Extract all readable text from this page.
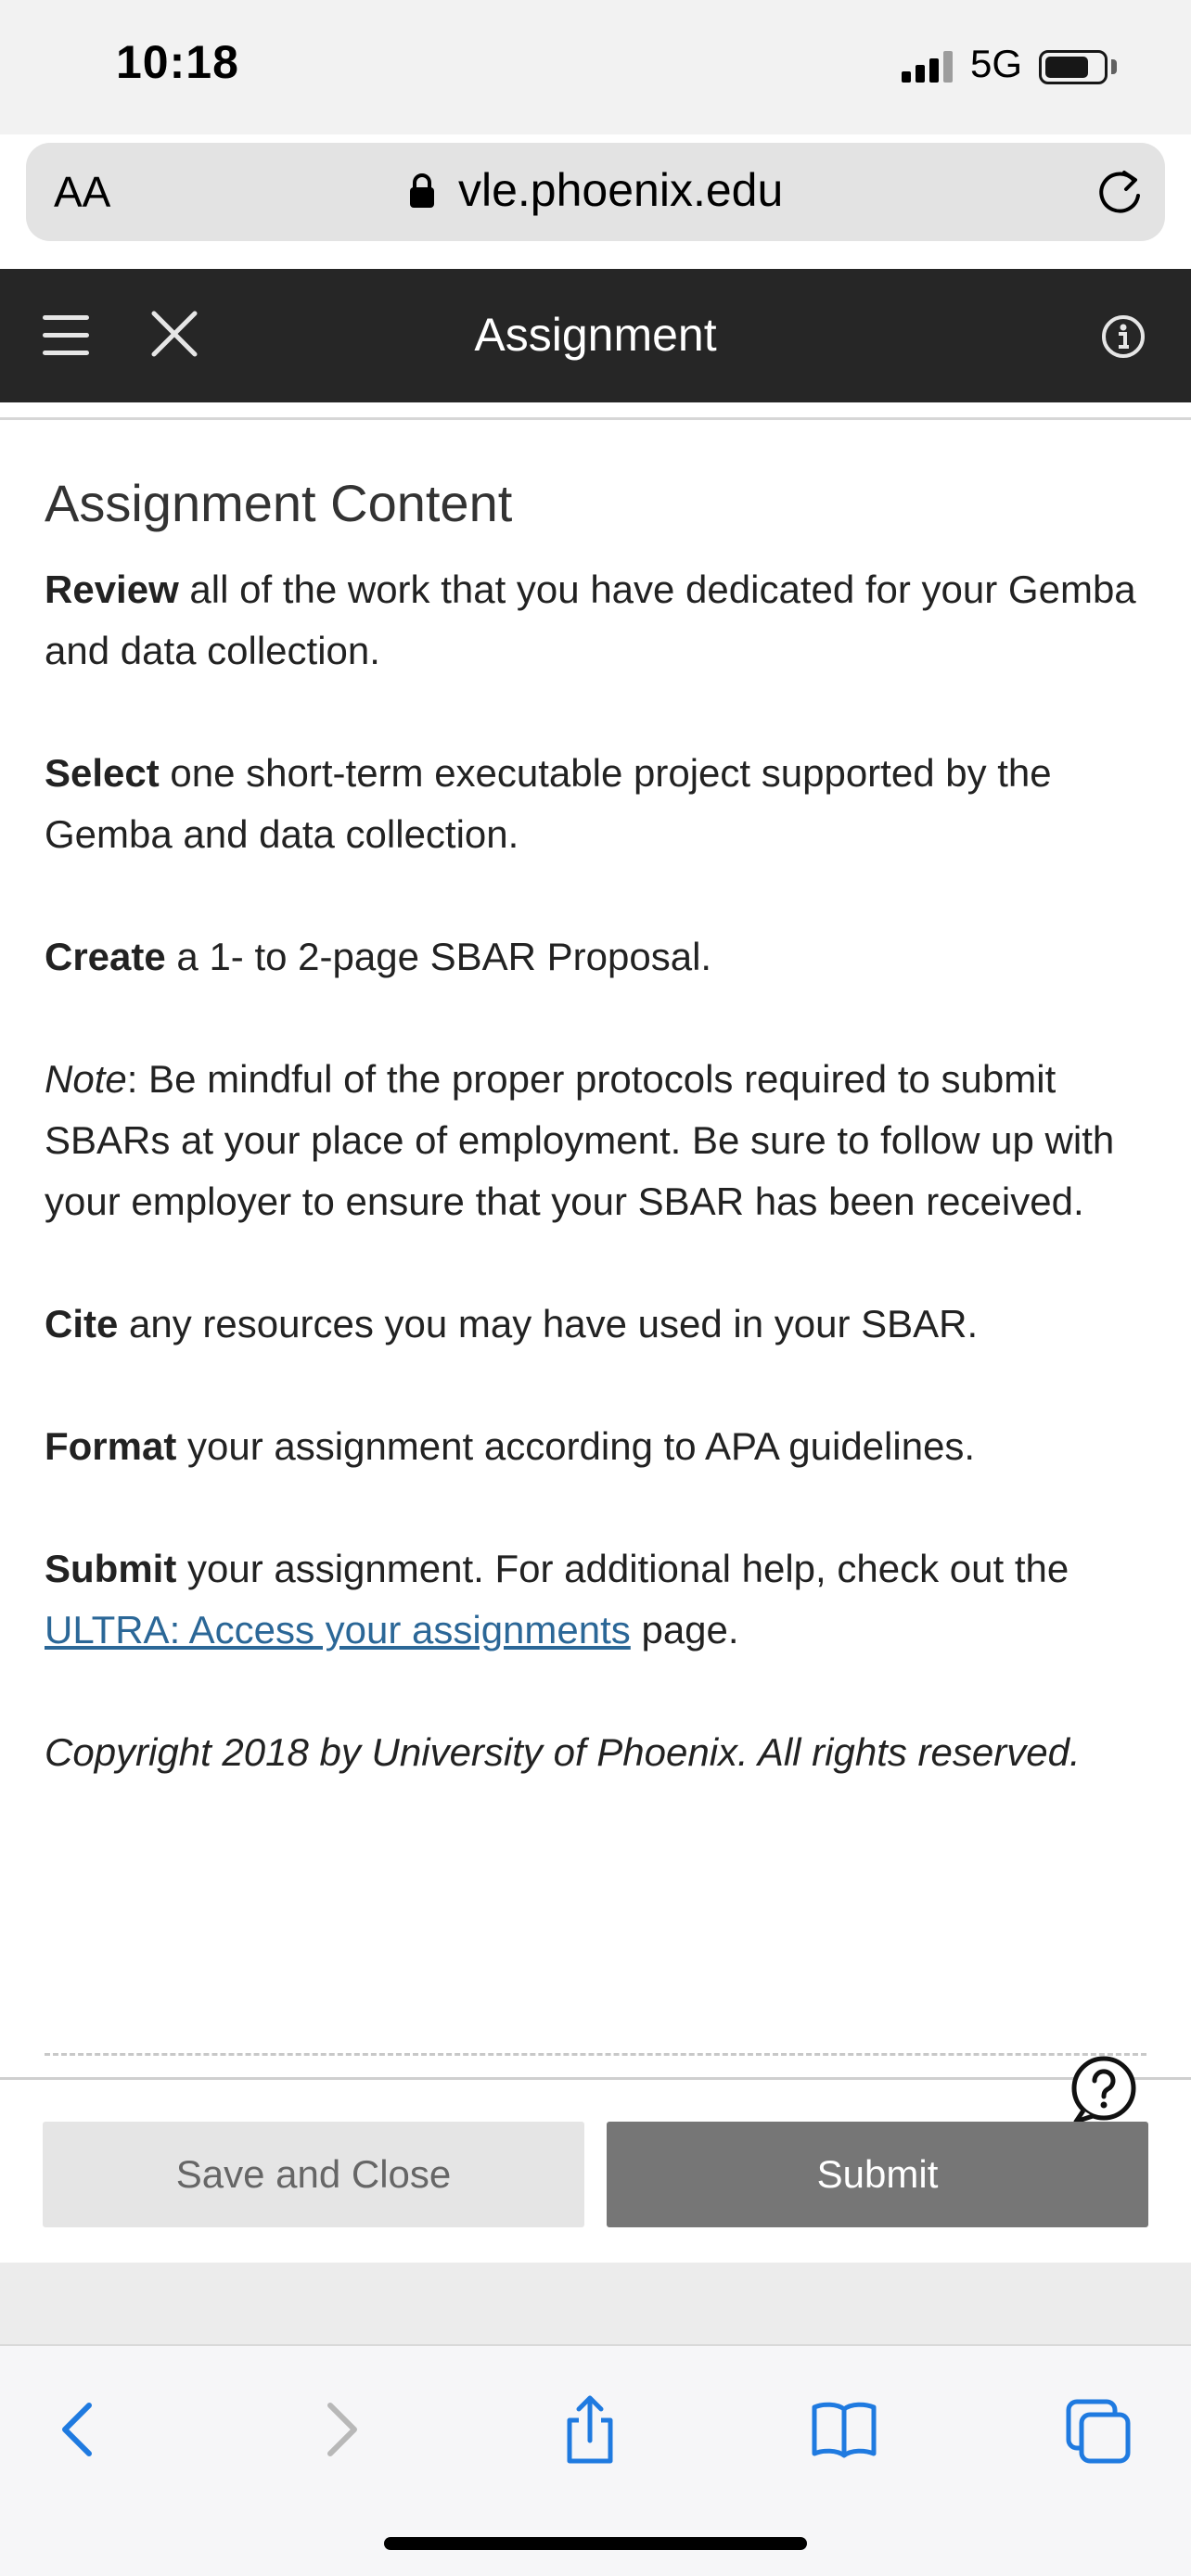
10:18	5G
AA	vle.phoenix.edu
Assignment
Assignment Content

Review all of the work that you have dedicated for your Gemba and data collection.

Select one short-term executable project supported by the Gemba and data collection.

Create a 1- to 2-page SBAR Proposal.

Note: Be mindful of the proper protocols required to submit SBARs at your place of employment. Be sure to follow up with your employer to ensure that your SBAR has been received.

Cite any resources you may have used in your SBAR.

Format your assignment according to APA guidelines.

Submit your assignment. For additional help, check out the ULTRA: Access your assignments page.

Copyright 2018 by University of Phoenix. All rights reserved.

Save and Close	Submit
